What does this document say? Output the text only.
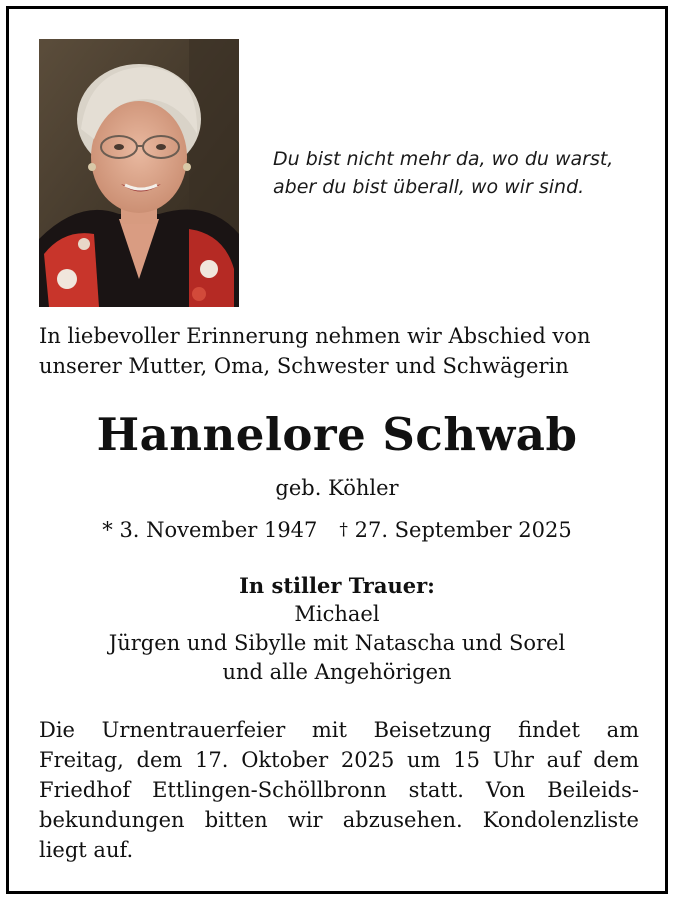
Du bist nicht mehr da, wo du warst,
aber du bist überall, wo wir sind.
In liebevoller Erinnerung nehmen wir Abschied von
unserer Mutter, Oma, Schwester und Schwägerin
Hannelore Schwab
geb. Köhler
* 3. November 1947 † 27. September 2025
In stiller Trauer:
Michael
Jürgen und Sibylle mit Natascha und Sorel
und alle Angehörigen
Die Urnentrauerfeier mit Beisetzung findet am
Freitag, dem 17. Oktober 2025 um 15 Uhr auf dem
Friedhof Ettlingen-Schöllbronn statt. Von Beileids-
bekundungen bitten wir abzusehen. Kondolenzliste
liegt auf.
